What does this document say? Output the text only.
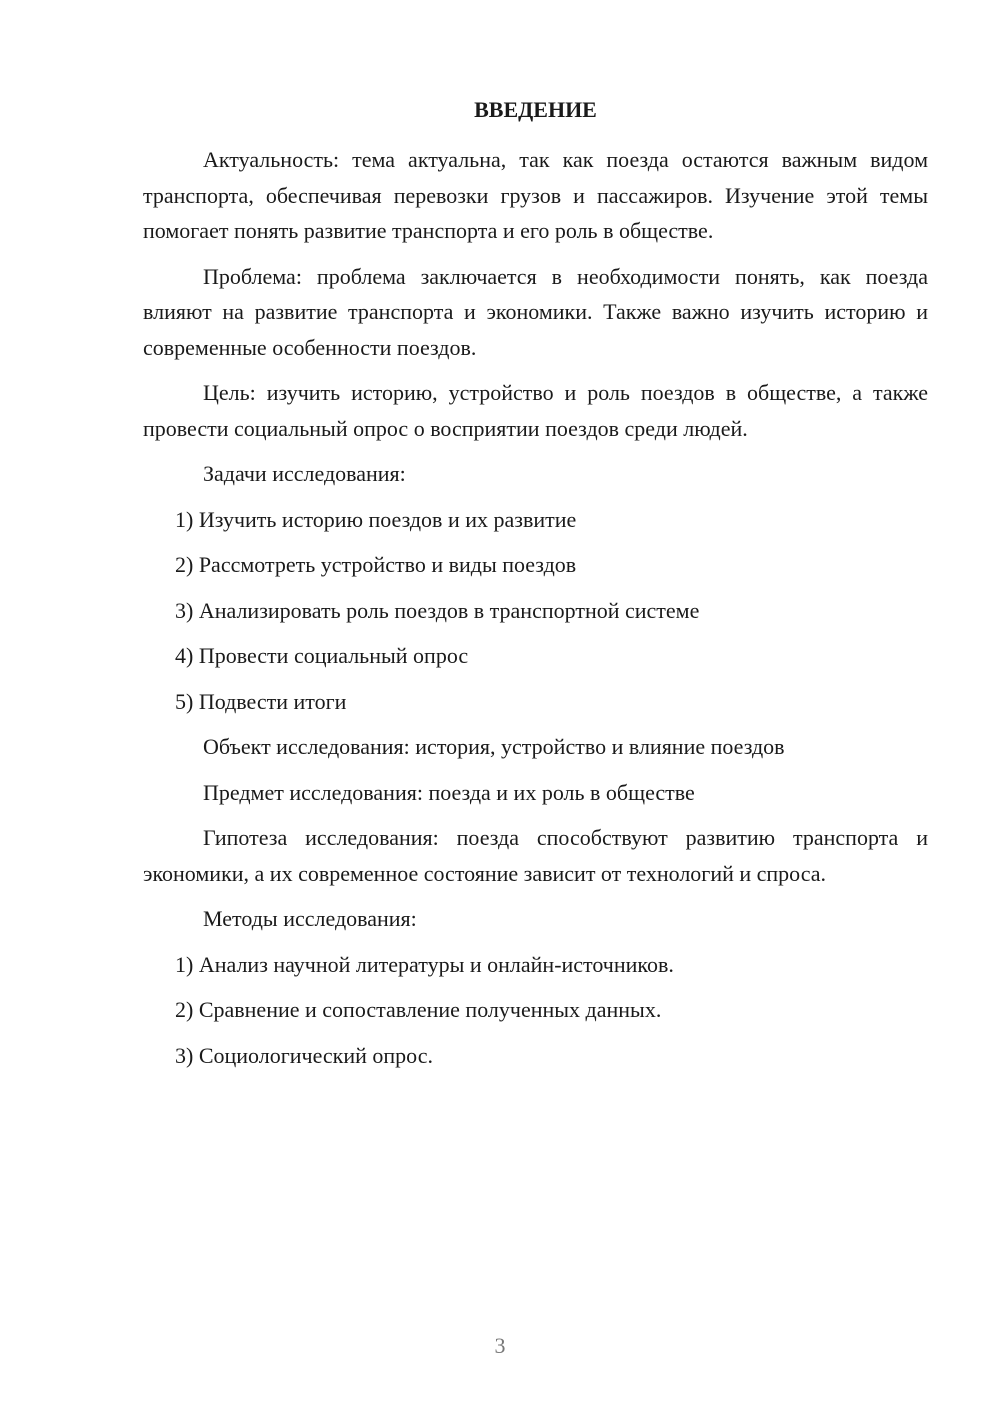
ВВЕДЕНИЕ

Актуальность: тема актуальна, так как поезда остаются важным видом транспорта, обеспечивая перевозки грузов и пассажиров. Изучение этой темы помогает понять развитие транспорта и его роль в обществе.

Проблема: проблема заключается в необходимости понять, как поезда влияют на развитие транспорта и экономики. Также важно изучить историю и современные особенности поездов.

Цель: изучить историю, устройство и роль поездов в обществе, а также провести социальный опрос о восприятии поездов среди людей.

Задачи исследования:
1) Изучить историю поездов и их развитие
2) Рассмотреть устройство и виды поездов
3) Анализировать роль поездов в транспортной системе
4) Провести социальный опрос
5) Подвести итоги
Объект исследования: история, устройство и влияние поездов
Предмет исследования: поезда и их роль в обществе

Гипотеза исследования: поезда способствуют развитию транспорта и экономики, а их современное состояние зависит от технологий и спроса.

Методы исследования:
1) Анализ научной литературы и онлайн-источников.
2) Сравнение и сопоставление полученных данных.
3) Социологический опрос.
3
